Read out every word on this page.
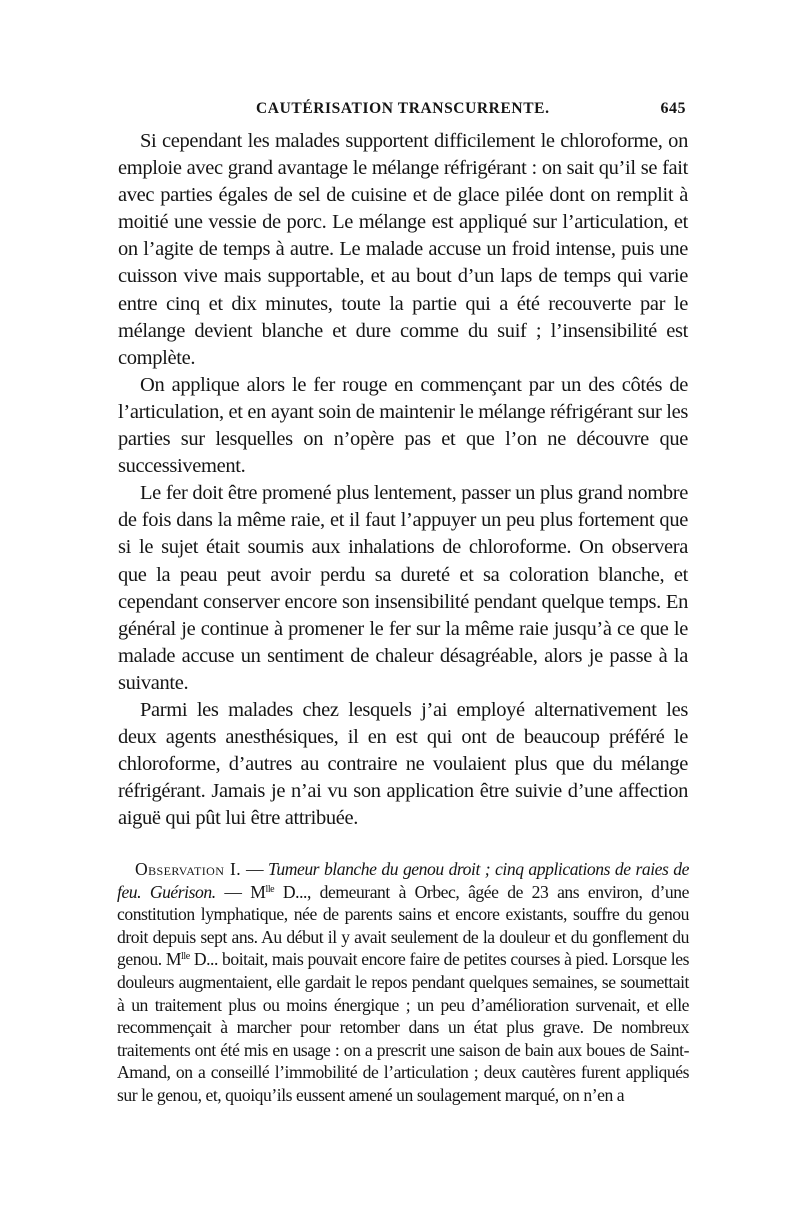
CAUTÉRISATION TRANSCURRENTE.	645

Si cependant les malades supportent difficilement le chloroforme, on emploie avec grand avantage le mélange réfrigérant : on sait qu’il se fait avec parties égales de sel de cuisine et de glace pilée dont on remplit à moitié une vessie de porc. Le mélange est appliqué sur l’articulation, et on l’agite de temps à autre. Le malade accuse un froid intense, puis une cuisson vive mais supportable, et au bout d’un laps de temps qui varie entre cinq et dix minutes, toute la partie qui a été recouverte par le mélange devient blanche et dure comme du suif ; l’insensibilité est complète.

On applique alors le fer rouge en commençant par un des côtés de l’articulation, et en ayant soin de maintenir le mélange réfrigérant sur les parties sur lesquelles on n’opère pas et que l’on ne découvre que successivement.

Le fer doit être promené plus lentement, passer un plus grand nombre de fois dans la même raie, et il faut l’appuyer un peu plus fortement que si le sujet était soumis aux inhalations de chloroforme. On observera que la peau peut avoir perdu sa dureté et sa coloration blanche, et cependant conserver encore son insensibilité pendant quelque temps. En général je continue à promener le fer sur la même raie jusqu’à ce que le malade accuse un sentiment de chaleur désagréable, alors je passe à la suivante.

Parmi les malades chez lesquels j’ai employé alternativement les deux agents anesthésiques, il en est qui ont de beaucoup préféré le chloroforme, d’autres au contraire ne voulaient plus que du mélange réfrigérant. Jamais je n’ai vu son application être suivie d’une affection aiguë qui pût lui être attribuée.

Observation I. — Tumeur blanche du genou droit ; cinq applications de raies de feu. Guérison. — $M^{lle}$ D..., demeurant à Orbec, âgée de 23 ans environ, d’une constitution lymphatique, née de parents sains et encore existants, souffre du genou droit depuis sept ans. Au début il y avait seulement de la douleur et du gonflement du genou. $M^{lle}$ D... boitait, mais pouvait encore faire de petites courses à pied. Lorsque les douleurs augmentaient, elle gardait le repos pendant quelques semaines, se soumettait à un traitement plus ou moins énergique ; un peu d’amélioration survenait, et elle recommençait à marcher pour retomber dans un état plus grave. De nombreux traitements ont été mis en usage : on a prescrit une saison de bain aux boues de Saint-Amand, on a conseillé l’immobilité de l’articulation ; deux cautères furent appliqués sur le genou, et, quoiqu’ils eussent amené un soulagement marqué, on n’en a
